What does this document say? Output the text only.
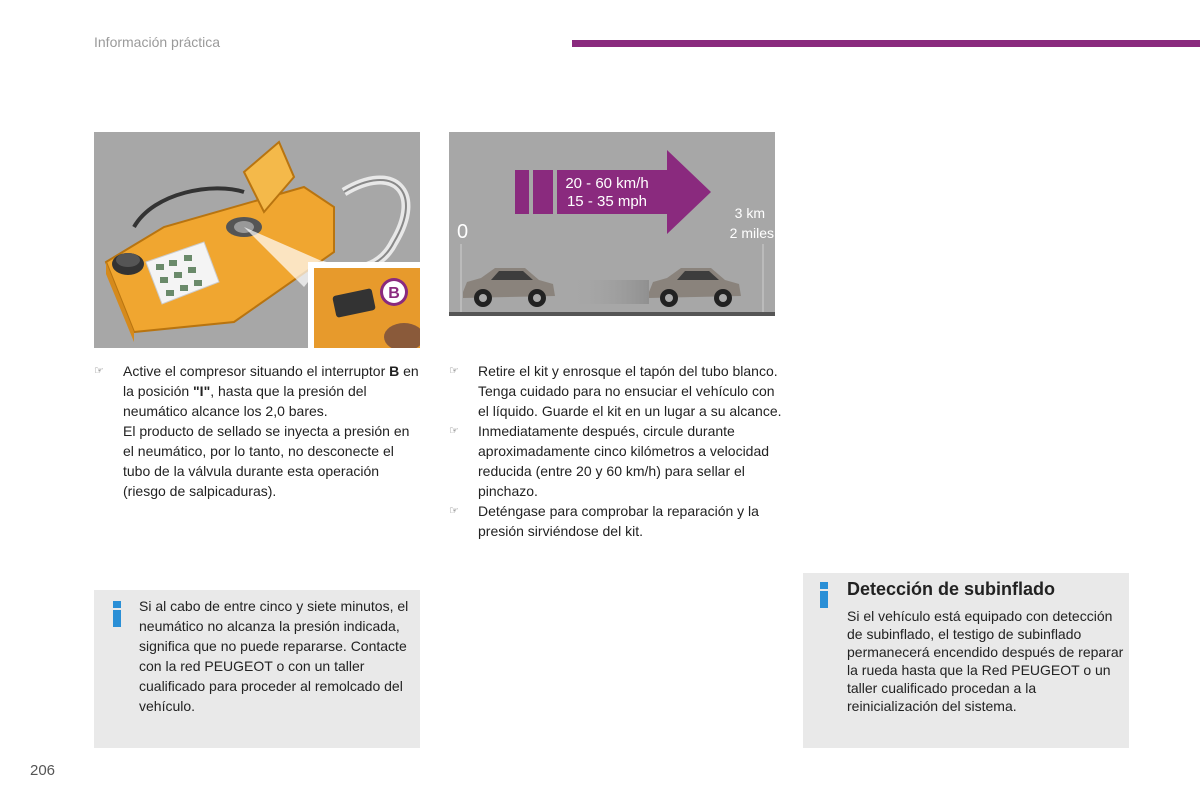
Información práctica
B
20 - 60 km/h
15 - 35 mph
0
3 km
2 miles
☞ Active el compresor situando el interruptor B en la posición "I", hasta que la presión del neumático alcance los 2,0 bares.
El producto de sellado se inyecta a presión en el neumático, por lo tanto, no desconecte el tubo de la válvula durante esta operación (riesgo de salpicaduras).
☞ Retire el kit y enrosque el tapón del tubo blanco.
Tenga cuidado para no ensuciar el vehículo con el líquido. Guarde el kit en un lugar a su alcance.
☞ Inmediatamente después, circule durante aproximadamente cinco kilómetros a velocidad reducida (entre 20 y 60 km/h) para sellar el pinchazo.
☞ Deténgase para comprobar la reparación y la presión sirviéndose del kit.
Si al cabo de entre cinco y siete minutos, el neumático no alcanza la presión indicada, significa que no puede repararse. Contacte con la red PEUGEOT o con un taller cualificado para proceder al remolcado del vehículo.
Detección de subinflado
Si el vehículo está equipado con detección de subinflado, el testigo de subinflado permanecerá encendido después de reparar la rueda hasta que la Red PEUGEOT o un taller cualificado procedan a la reinicialización del sistema.
206
